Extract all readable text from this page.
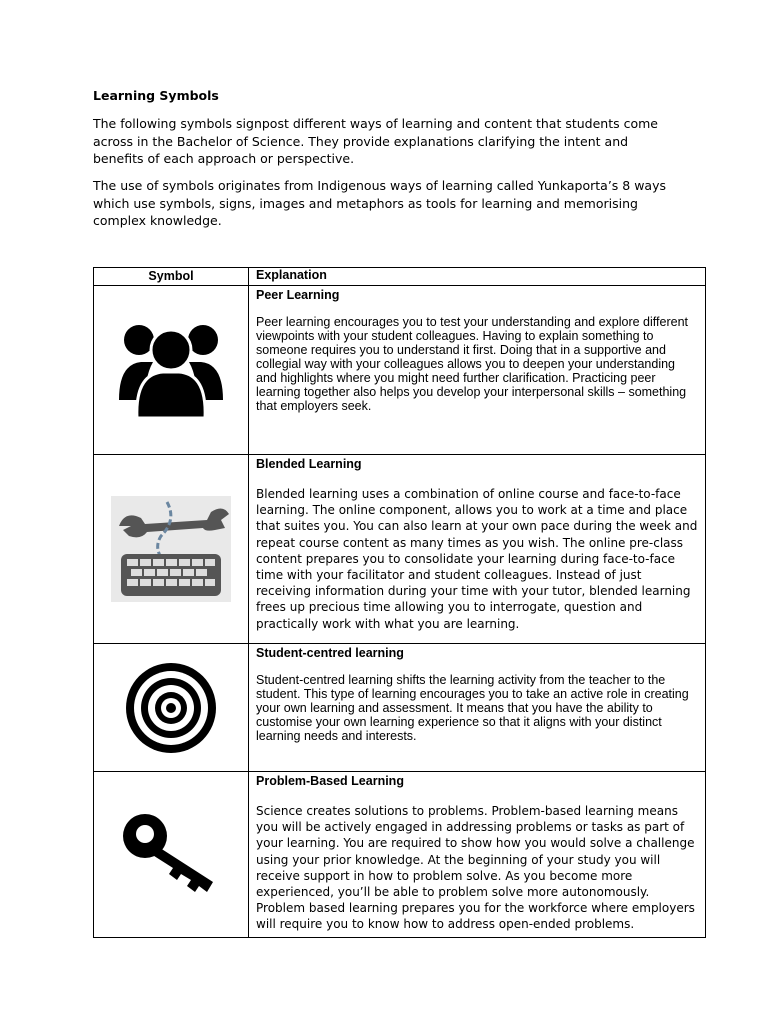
Learning Symbols

The following symbols signpost different ways of learning and content that students come across in the Bachelor of Science. They provide explanations clarifying the intent and benefits of each approach or perspective.

The use of symbols originates from Indigenous ways of learning called Yunkaporta’s 8 ways which use symbols, signs, images and metaphors as tools for learning and memorising complex knowledge.

Symbol	Explanation

Peer Learning
Peer learning encourages you to test your understanding and explore different
viewpoints with your student colleagues. Having to explain something to someone requires you to understand it first. Doing that in a supportive and collegial way with your colleagues allows you to deepen your understanding and highlights where you might need further clarification. Practicing peer learning together also helps you develop your interpersonal skills – something that employers seek.

Blended Learning
Blended learning uses a combination of online course and face-to-face learning. The online component, allows you to work at a time and place that suites you. You can also learn at your own pace during the week and repeat course content as many times as you wish. The online pre-class content prepares you to consolidate your learning during face-to-face time with your facilitator and student colleagues. Instead of just receiving information during your time with your tutor, blended learning frees up precious time allowing you to interrogate, question and practically work with what you are learning.

Student-centred learning
Student-centred learning shifts the learning activity from the teacher to the student. This type of learning encourages you to take an active role in creating your own learning and assessment. It means that you have the ability to customise your own learning experience so that it aligns with your distinct learning needs and interests.

Problem-Based Learning
Science creates solutions to problems. Problem-based learning means you will be actively engaged in addressing problems or tasks as part of your learning. You are required to show how you would solve a challenge using your prior knowledge. At the beginning of your study you will receive support in how to problem solve. As you become more experienced, you’ll be able to problem solve more autonomously. Problem based learning prepares you for the workforce where employers will require you to know how to address open-ended problems.
